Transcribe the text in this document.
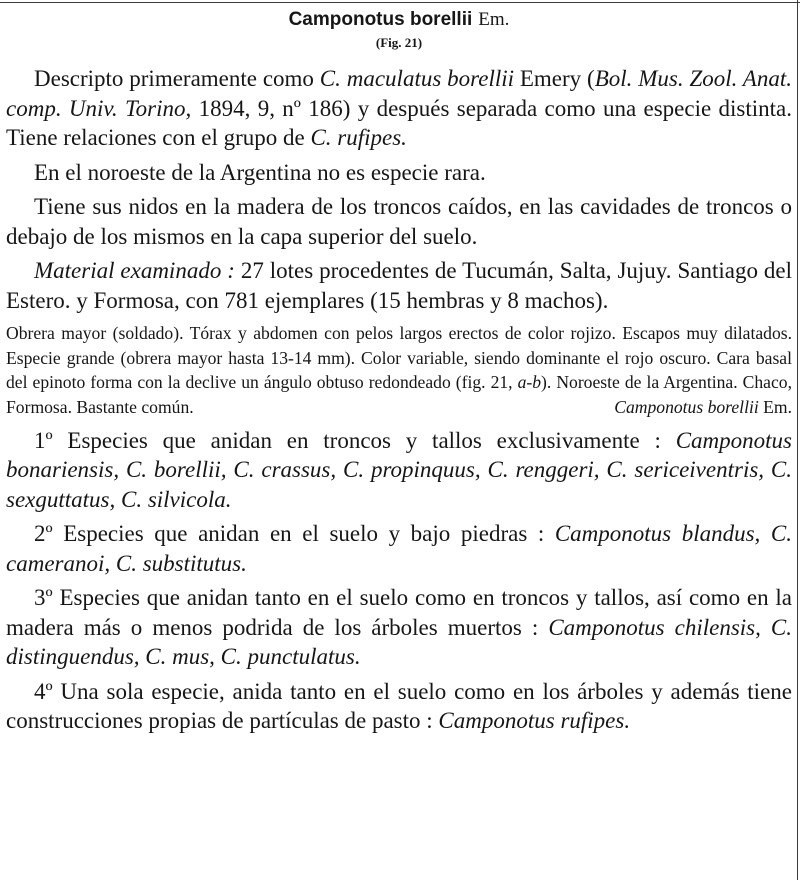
Camponotus borellii Em.
(Fig. 21)

Descripto primeramente como C. maculatus borellii Emery (Bol. Mus. Zool. Anat. comp. Univ. Torino, 1894, 9, nº 186) y después separada como una especie distinta. Tiene relaciones con el grupo de C. rufipes.

En el noroeste de la Argentina no es especie rara.

Tiene sus nidos en la madera de los troncos caídos, en las cavidades de troncos o debajo de los mismos en la capa superior del suelo.

Material examinado : 27 lotes procedentes de Tucumán, Salta, Jujuy. Santiago del Estero. y Formosa, con 781 ejemplares (15 hembras y 8 machos).

Obrera mayor (soldado). Tórax y abdomen con pelos largos erectos de color rojizo. Escapos muy dilatados. Especie grande (obrera mayor hasta 13-14 mm). Color variable, siendo dominante el rojo oscuro. Cara basal del epinoto forma con la declive un ángulo obtuso redondeado (fig. 21, a-b). Noroeste de la Argentina. Chaco, Formosa. Bastante común.	Camponotus borellii Em.

1º Especies que anidan en troncos y tallos exclusivamente : Camponotus bonariensis, C. borellii, C. crassus, C. propinquus, C. renggeri, C. sericeiventris, C. sexguttatus, C. silvicola.

2º Especies que anidan en el suelo y bajo piedras : Camponotus blandus, C. cameranoi, C. substitutus.

3º Especies que anidan tanto en el suelo como en troncos y tallos, así como en la madera más o menos podrida de los árboles muertos : Camponotus chilensis, C. distinguendus, C. mus, C. punctulatus.

4º Una sola especie, anida tanto en el suelo como en los árboles y además tiene construcciones propias de partículas de pasto : Camponotus rufipes.
